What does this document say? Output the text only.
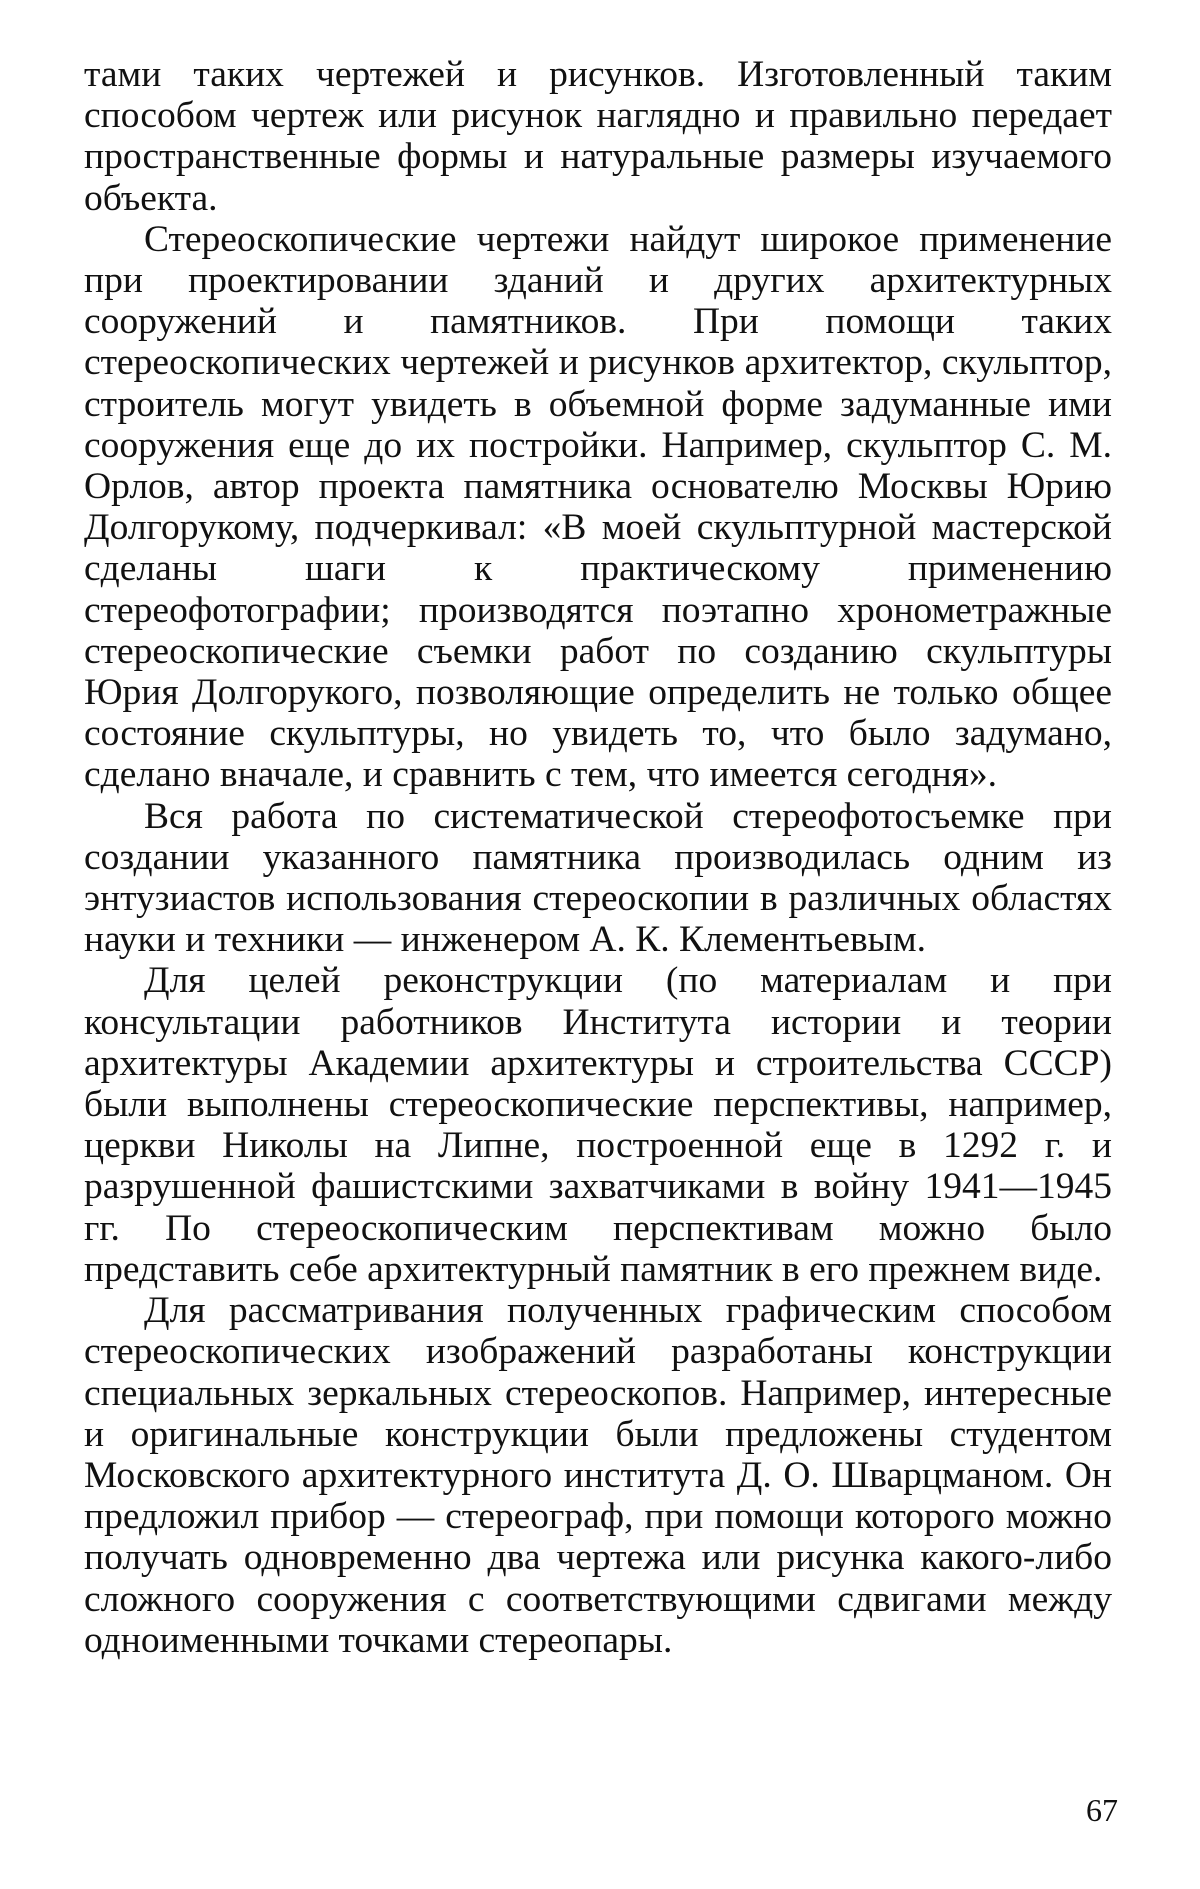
тами таких чертежей и рисунков. Изготовленный таким способом чертеж или рисунок наглядно и правильно передает пространственные формы и натуральные размеры изучаемого объекта.

Стереоскопические чертежи найдут широкое применение при проектировании зданий и других архитектурных сооружений и памятников. При помощи таких стереоскопических чертежей и рисунков архитектор, скульптор, строитель могут увидеть в объемной форме задуманные ими сооружения еще до их постройки. Например, скульптор С. М. Орлов, автор проекта памятника основателю Москвы Юрию Долгорукому, подчеркивал: «В моей скульптурной мастерской сделаны шаги к практическому применению стереофотографии; производятся поэтапно хронометражные стереоскопические съемки работ по созданию скульптуры Юрия Долгорукого, позволяющие определить не только общее состояние скульптуры, но увидеть то, что было задумано, сделано вначале, и сравнить с тем, что имеется сегодня».

Вся работа по систематической стереофотосъемке при создании указанного памятника производилась одним из энтузиастов использования стереоскопии в различных областях науки и техники — инженером А. К. Клементьевым.

Для целей реконструкции (по материалам и при консультации работников Института истории и теории архитектуры Академии архитектуры и строительства СССР) были выполнены стереоскопические перспективы, например, церкви Николы на Липне, построенной еще в 1292 г. и разрушенной фашистскими захватчиками в войну 1941—1945 гг. По стереоскопическим перспективам можно было представить себе архитектурный памятник в его прежнем виде.

Для рассматривания полученных графическим способом стереоскопических изображений разработаны конструкции специальных зеркальных стереоскопов. Например, интересные и оригинальные конструкции были предложены студентом Московского архитектурного института Д. О. Шварцманом. Он предложил прибор — стереограф, при помощи которого можно получать одновременно два чертежа или рисунка какого-либо сложного сооружения с соответствующими сдвигами между одноименными точками стереопары.

67
